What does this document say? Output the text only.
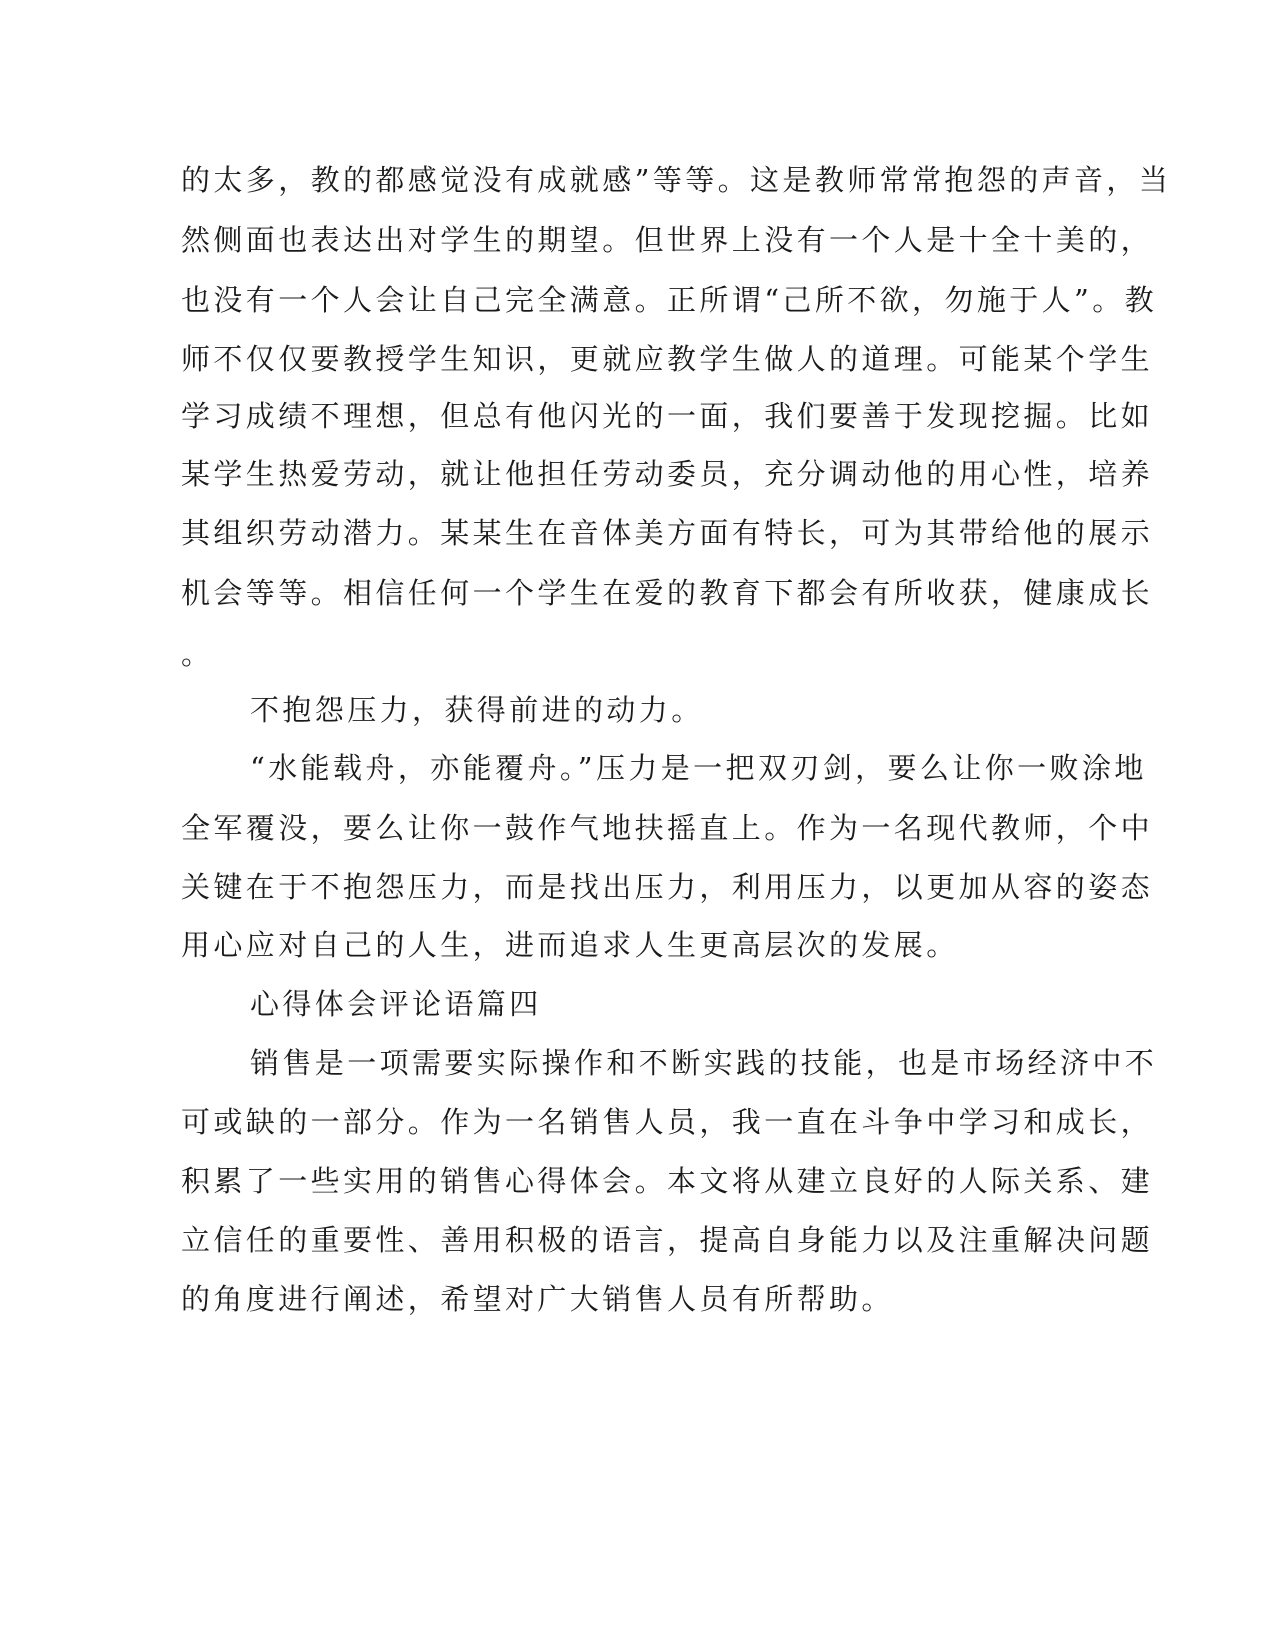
的太多，教的都感觉没有成就感”等等。这是教师常常抱怨的声音，当
然侧面也表达出对学生的期望。但世界上没有一个人是十全十美的，
也没有一个人会让自己完全满意。正所谓“己所不欲，勿施于人”。教
师不仅仅要教授学生知识，更就应教学生做人的道理。可能某个学生
学习成绩不理想，但总有他闪光的一面，我们要善于发现挖掘。比如
某学生热爱劳动，就让他担任劳动委员，充分调动他的用心性，培养
其组织劳动潜力。某某生在音体美方面有特长，可为其带给他的展示
机会等等。相信任何一个学生在爱的教育下都会有所收获，健康成长
。
不抱怨压力，获得前进的动力。
“水能载舟，亦能覆舟。”压力是一把双刃剑，要么让你一败涂地
全军覆没，要么让你一鼓作气地扶摇直上。作为一名现代教师，个中
关键在于不抱怨压力，而是找出压力，利用压力，以更加从容的姿态
用心应对自己的人生，进而追求人生更高层次的发展。
心得体会评论语篇四
销售是一项需要实际操作和不断实践的技能，也是市场经济中不
可或缺的一部分。作为一名销售人员，我一直在斗争中学习和成长，
积累了一些实用的销售心得体会。本文将从建立良好的人际关系、建
立信任的重要性、善用积极的语言，提高自身能力以及注重解决问题
的角度进行阐述，希望对广大销售人员有所帮助。
